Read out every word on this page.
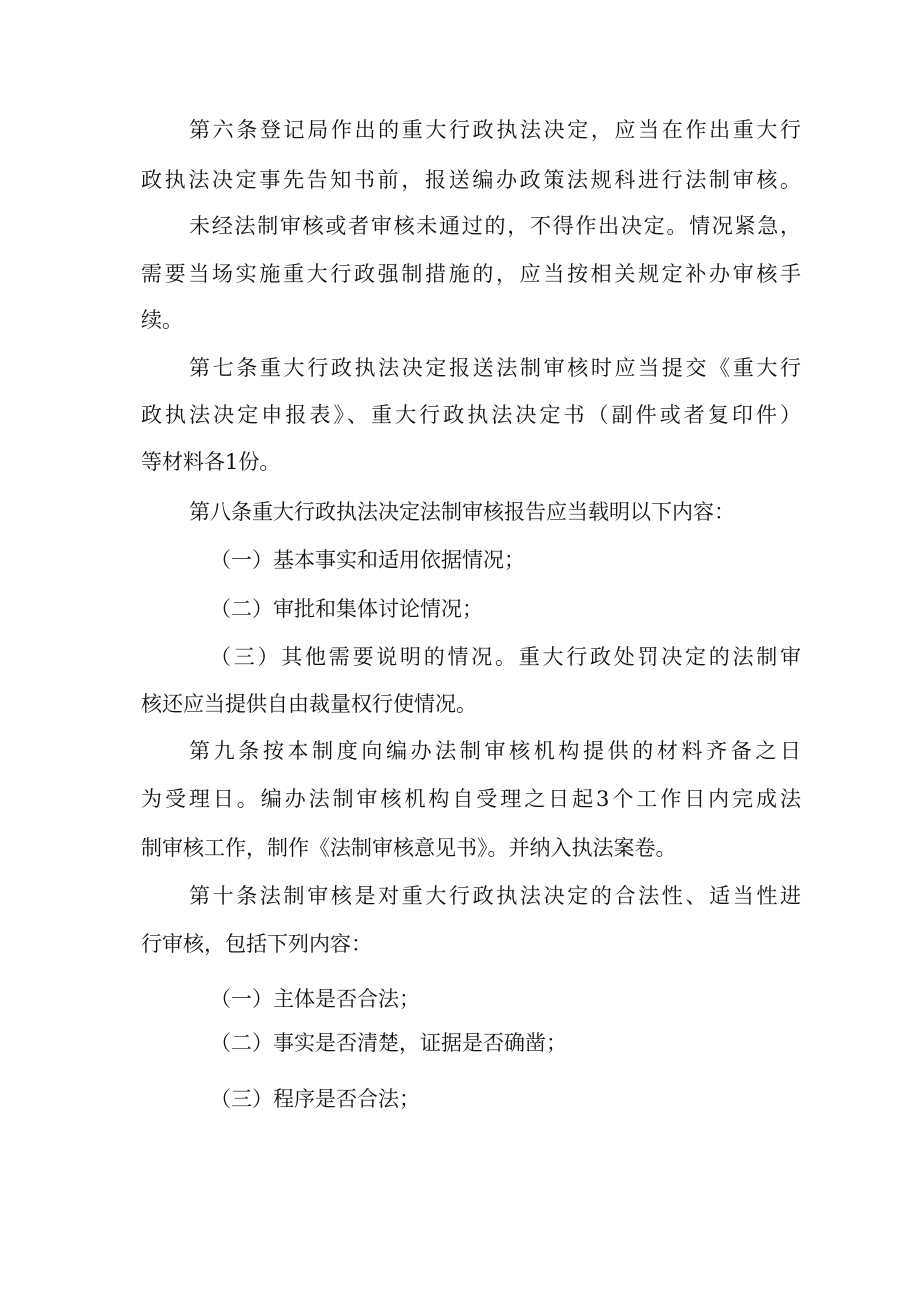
第六条登记局作出的重大行政执法决定，应当在作出重大行
政执法决定事先告知书前，报送编办政策法规科进行法制审核。
未经法制审核或者审核未通过的，不得作出决定。情况紧急，
需要当场实施重大行政强制措施的，应当按相关规定补办审核手
续。
第七条重大行政执法决定报送法制审核时应当提交《重大行
政执法决定申报表》、重大行政执法决定书（副件或者复印件）
等材料各1份。
第八条重大行政执法决定法制审核报告应当载明以下内容：
（一）基本事实和适用依据情况；
（二）审批和集体讨论情况；
（三）其他需要说明的情况。重大行政处罚决定的法制审
核还应当提供自由裁量权行使情况。
第九条按本制度向编办法制审核机构提供的材料齐备之日
为受理日。编办法制审核机构自受理之日起3个工作日内完成法
制审核工作，制作《法制审核意见书》。并纳入执法案卷。
第十条法制审核是对重大行政执法决定的合法性、适当性进
行审核，包括下列内容：
（一）主体是否合法；
（二）事实是否清楚，证据是否确凿；
（三）程序是否合法；
